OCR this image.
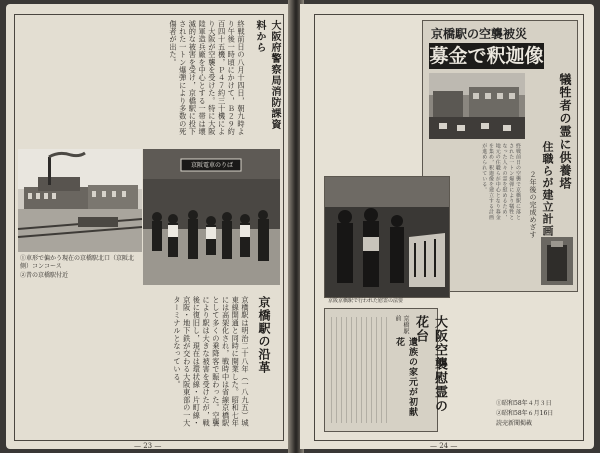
大阪府警察局消防課資料から
終戦前日の八月十四日，朝九時より午後一時頃にかけて，Ｂ２９約百四十五機，Ｐ４７約三十機により大阪が空襲を受けた。特に大阪陸軍造兵廠を中心とする一帯は壊滅的な被害を受け，京橋駅に投下された一トン爆弾により多数の死傷者が出た。
京阪電車のりば
①車形で偏かう現在の京橋駅北口（京阪北側）コンコース
②昔の京橋駅付近
京橋駅の沿革
京橋駅は明治二十八年（一八九五）城東線開通と同時に開業した。昭和七年には高架化され，戦時中は省線京橋駅として多くの乗降客で賑わった。空襲により駅は大きな被害を受けたが，戦後に復旧し，現在は環状線・片町線・京阪・地下鉄が交わる大阪東部の一大ターミナルとなっている。
— 23 —
京橋駅の空襲被災
募金で釈迦像
犠牲者の霊に供養塔
住職らが建立計画
２年後の完成めざす
終戦前日の空襲で京橋駅に落とされた一トン爆弾により犠牲となった人々の霊を慰めるため，地元の住職らが中心となり募金を集め，釈迦像を建立する計画が進められている。
京阪京橋駅で行われた慰霊の法要
大阪空襲慰霊の花台
遺族の家元が初献花
京橋駅前
①昭和58年４月３日
②昭和58年６月16日
読売新聞掲載
— 24 —
